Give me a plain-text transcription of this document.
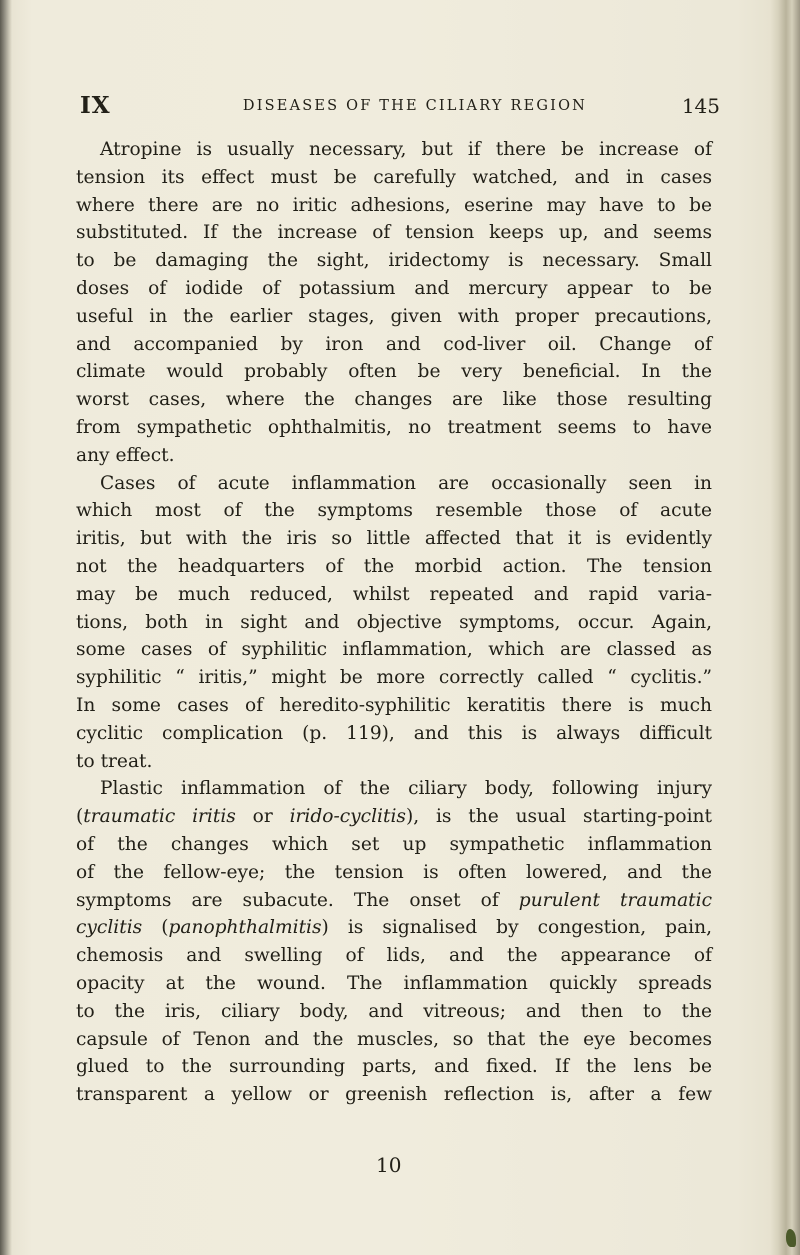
IX	DISEASES OF THE CILIARY REGION	145
Atropine is usually necessary, but if there be increase of
tension its effect must be carefully watched, and in cases
where there are no iritic adhesions, eserine may have to be
substituted. If the increase of tension keeps up, and seems
to be damaging the sight, iridectomy is necessary. Small
doses of iodide of potassium and mercury appear to be
useful in the earlier stages, given with proper precautions,
and accompanied by iron and cod-liver oil. Change of
climate would probably often be very beneficial. In the
worst cases, where the changes are like those resulting
from sympathetic ophthalmitis, no treatment seems to have
any effect.
Cases of acute inflammation are occasionally seen in
which most of the symptoms resemble those of acute
iritis, but with the iris so little affected that it is evidently
not the headquarters of the morbid action. The tension
may be much reduced, whilst repeated and rapid varia-
tions, both in sight and objective symptoms, occur. Again,
some cases of syphilitic inflammation, which are classed as
syphilitic “ iritis,” might be more correctly called “ cyclitis.”
In some cases of heredito-syphilitic keratitis there is much
cyclitic complication (p. 119), and this is always difficult
to treat.
Plastic inflammation of the ciliary body, following injury
(traumatic iritis or irido-cyclitis), is the usual starting-point
of the changes which set up sympathetic inflammation
of the fellow-eye; the tension is often lowered, and the
symptoms are subacute. The onset of purulent traumatic
cyclitis (panophthalmitis) is signalised by congestion, pain,
chemosis and swelling of lids, and the appearance of
opacity at the wound. The inflammation quickly spreads
to the iris, ciliary body, and vitreous; and then to the
capsule of Tenon and the muscles, so that the eye becomes
glued to the surrounding parts, and fixed. If the lens be
transparent a yellow or greenish reflection is, after a few
10
